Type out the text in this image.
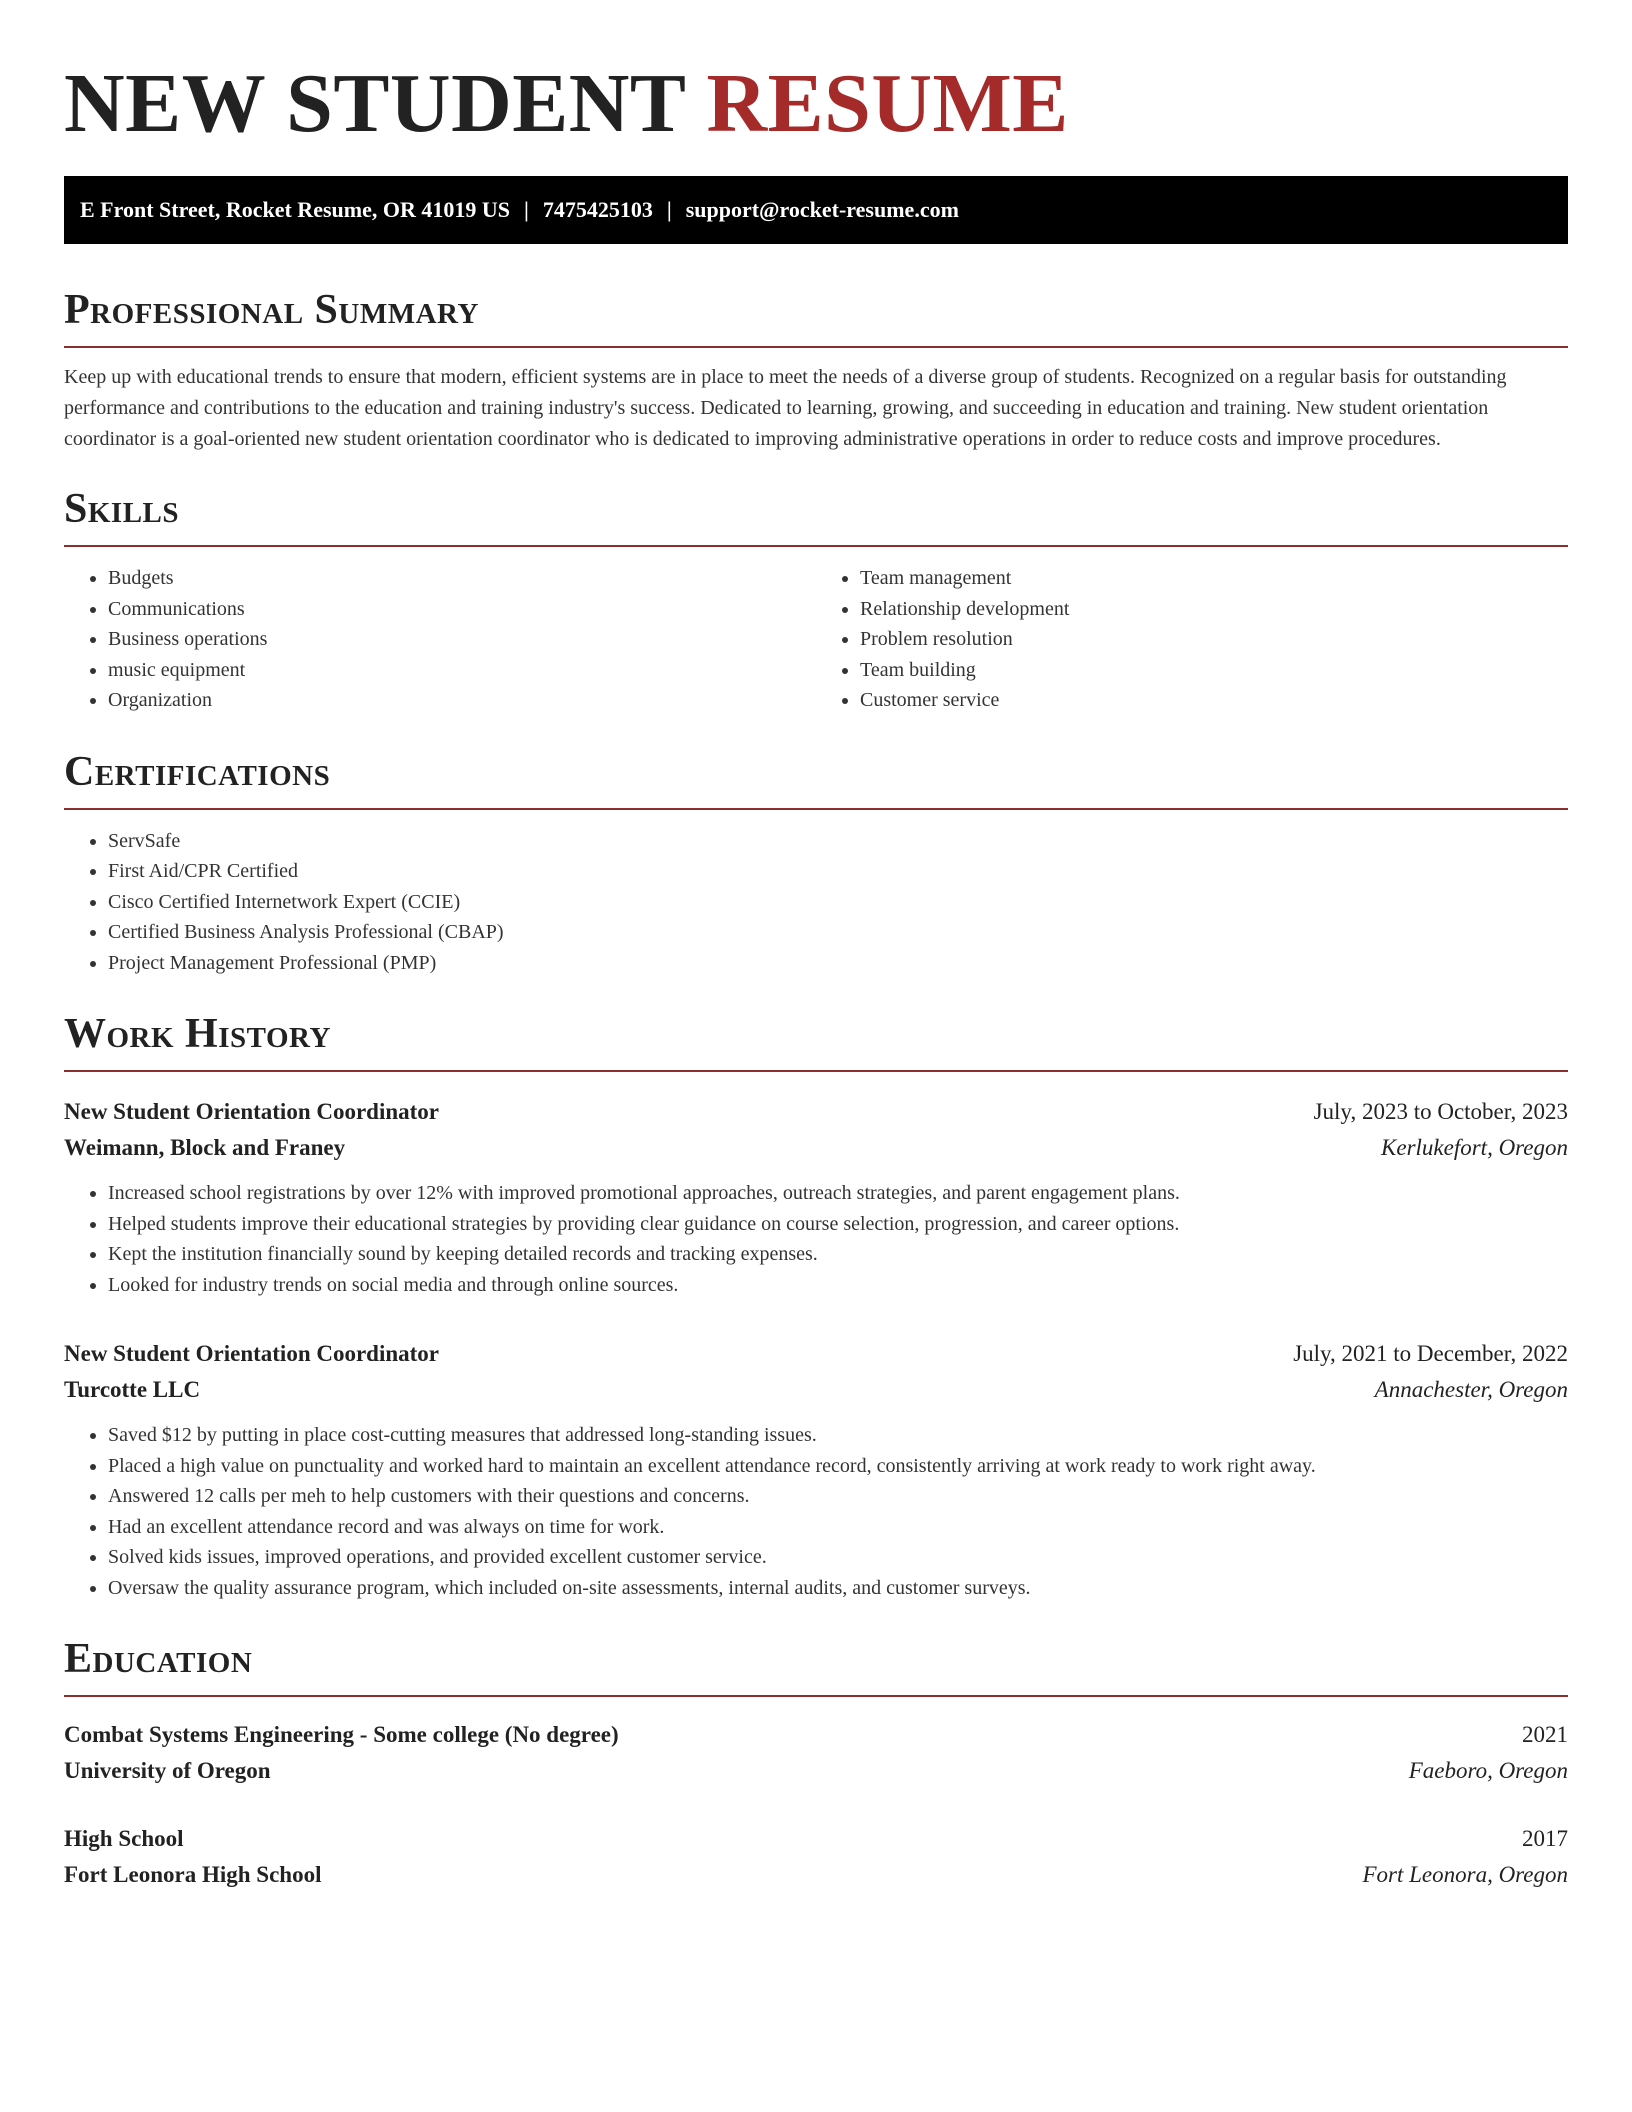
NEW STUDENT RESUME
E Front Street, Rocket Resume, OR 41019 US | 7475425103 | support@rocket-resume.com
Professional Summary

Keep up with educational trends to ensure that modern, efficient systems are in place to meet the needs of a diverse group of students. Recognized on a regular basis for outstanding performance and contributions to the education and training industry's success. Dedicated to learning, growing, and succeeding in education and training. New student orientation coordinator is a goal-oriented new student orientation coordinator who is dedicated to improving administrative operations in order to reduce costs and improve procedures.

Skills
• Budgets
• Communications
• Business operations
• music equipment
• Organization
• Team management
• Relationship development
• Problem resolution
• Team building
• Customer service
Certifications
• ServSafe
• First Aid/CPR Certified
• Cisco Certified Internetwork Expert (CCIE)
• Certified Business Analysis Professional (CBAP)
• Project Management Professional (PMP)
Work History
New Student Orientation Coordinator	July, 2023 to October, 2023
Weimann, Block and Franey	Kerlukefort, Oregon
• Increased school registrations by over 12% with improved promotional approaches, outreach strategies, and parent engagement plans.
• Helped students improve their educational strategies by providing clear guidance on course selection, progression, and career options.
• Kept the institution financially sound by keeping detailed records and tracking expenses.
• Looked for industry trends on social media and through online sources.
New Student Orientation Coordinator	July, 2021 to December, 2022
Turcotte LLC	Annachester, Oregon
• Saved $12 by putting in place cost-cutting measures that addressed long-standing issues.
• Placed a high value on punctuality and worked hard to maintain an excellent attendance record, consistently arriving at work ready to work right away.
• Answered 12 calls per meh to help customers with their questions and concerns.
• Had an excellent attendance record and was always on time for work.
• Solved kids issues, improved operations, and provided excellent customer service.
• Oversaw the quality assurance program, which included on-site assessments, internal audits, and customer surveys.
Education
Combat Systems Engineering - Some college (No degree)	2021
University of Oregon	Faeboro, Oregon
High School	2017
Fort Leonora High School	Fort Leonora, Oregon
